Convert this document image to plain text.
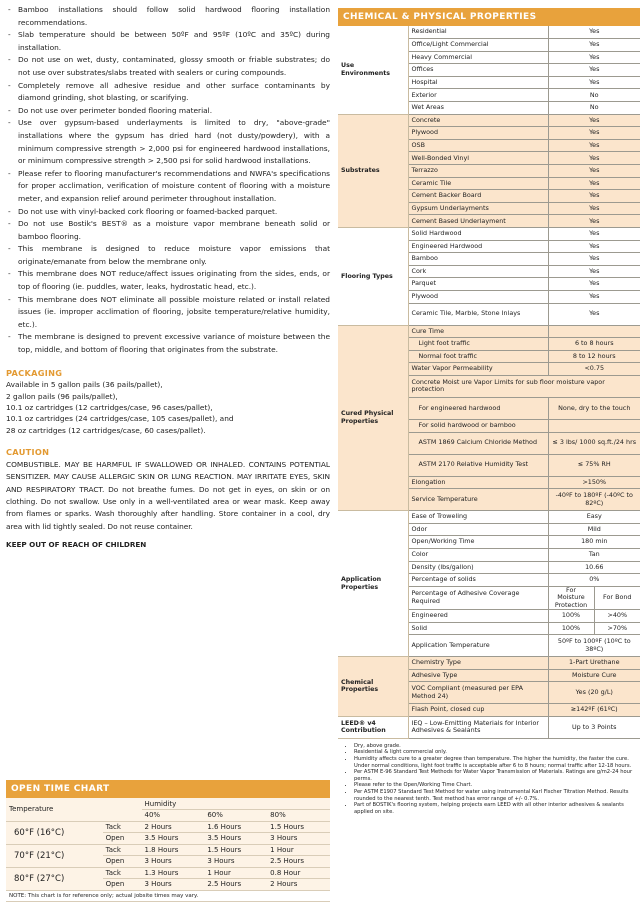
- Bamboo installations should follow solid hardwood flooring installation recommendations.
- Slab temperature should be between 50ºF and 95ºF (10ºC and 35ºC) during installation.
- Do not use on wet, dusty, contaminated, glossy smooth or friable substrates; do not use over substrates/slabs treated with sealers or curing compounds.
- Completely remove all adhesive residue and other surface contaminants by diamond grinding, shot blasting, or scarifying.
- Do not use over perimeter bonded flooring material.
- Use over gypsum-based underlayments is limited to dry, "above-grade" installations where the gypsum has dried hard (not dusty/powdery), with a minimum compressive strength > 2,000 psi for engineered hardwood installations, or minimum compressive strength > 2,500 psi for solid hardwood installations.
- Please refer to flooring manufacturer's recommendations and NWFA's specifications for proper acclimation, verification of moisture content of flooring with a moisture meter, and expansion relief around perimeter throughout installation.
- Do not use with vinyl-backed cork flooring or foamed-backed parquet.
- Do not use Bostik's BEST® as a moisture vapor membrane beneath solid or bamboo flooring.
- This membrane is designed to reduce moisture vapor emissions that originate/emanate from below the membrane only.
- This membrane does NOT reduce/affect issues originating from the sides, ends, or top of flooring (ie. puddles, water, leaks, hydrostatic head, etc.).
- This membrane does NOT eliminate all possible moisture related or install related issues (ie. improper acclimation of flooring, jobsite temperature/relative humidity, etc.).
- The membrane is designed to prevent excessive variance of moisture between the top, middle, and bottom of flooring that originates from the substrate.
PACKAGING
Available in 5 gallon pails (36 pails/pallet),
2 gallon pails (96 pails/pallet),
10.1 oz cartridges (12 cartridges/case, 96 cases/pallet),
10.1 oz cartridges (24 cartridges/case, 105 cases/pallet), and
28 oz cartridges (12 cartridges/case, 60 cases/pallet).
CAUTION
COMBUSTIBLE. MAY BE HARMFUL IF SWALLOWED OR INHALED. CONTAINS POTENTIAL SENSITIZER. MAY CAUSE ALLERGIC SKIN OR LUNG REACTION. MAY IRRITATE EYES, SKIN AND RESPIRATORY TRACT. Do not breathe fumes. Do not get in eyes, on skin or on clothing. Do not swallow. Use only in a well-ventilated area or wear mask. Keep away from flames or sparks. Wash thoroughly after handling. Store container in a cool, dry area with lid tightly sealed. Do not reuse container.
KEEP OUT OF REACH OF CHILDREN
OPEN TIME CHART
Temperature		Humidity		
		40%	60%	80%
60°F (16°C)	Tack	2 Hours	1.6 Hours	1.5 Hours
	Open	3.5 Hours	3.5 Hours	3 Hours
70°F (21°C)	Tack	1.8 Hours	1.5 Hours	1 Hour
	Open	3 Hours	3 Hours	2.5 Hours
80°F (27°C)	Tack	1.3 Hours	1 Hour	0.8 Hour
	Open	3 Hours	2.5 Hours	2 Hours
NOTE: This chart is for reference only; actual jobsite times may vary.				
CHEMICAL & PHYSICAL PROPERTIES
Use Environments	Residential	Yes	
	Office/Light Commercial	Yes	
	Heavy Commercial	Yes	
	Offices	Yes	
	Hospital	Yes	
	Exterior	No	
	Wet Areas	No	
Substrates	Concrete	Yes	
	Plywood	Yes	
	OSB	Yes	
	Well-Bonded Vinyl	Yes	
	Terrazzo	Yes	
	Ceramic Tile	Yes	
	Cement Backer Board	Yes	
	Gypsum Underlayments	Yes	
	Cement Based Underlayment	Yes	
Flooring Types	Solid Hardwood	Yes	
	Engineered Hardwood	Yes	
	Bamboo	Yes	
	Cork	Yes	
	Parquet	Yes	
	Plywood	Yes	
	Ceramic Tile, Marble, Stone Inlays	Yes	
Cured Physical Properties	Cure Time		
	Light foot traffic	6 to 8 hours	
	Normal foot traffic	8 to 12 hours	
	Water Vapor Permeability	<0.75	
	Concrete Moist ure Vapor Limits for sub floor moisture vapor protection		
	For engineered hardwood	None, dry to the touch	
	For solid hardwood or bamboo		
	ASTM 1869 Calcium Chloride Method	≤ 3 lbs/ 1000 sq.ft./24 hrs	
	ASTM 2170 Relative Humidity Test	≤ 75% RH	
	Elongation	>150%	
	Service Temperature	-40ºF to 180ºF (-40ºC to 82ºC)	
Application Properties	Ease of Troweling	Easy	
	Odor	Mild	
	Open/Working Time	180 min	
	Color	Tan	
	Density (lbs/gallon)	10.66	
	Percentage of solids	0%	
	Percentage of Adhesive Coverage Required	For Moisture Protection	For Bond
	Engineered	100%	>40%
	Solid	100%	>70%
	Application Temperature	50ºF to 100ºF (10ºC to 38ºC)	
Chemical Properties	Chemistry Type	1-Part Urethane	
	Adhesive Type	Moisture Cure	
	VOC Compliant (measured per EPA Method 24)	Yes (20 g/L)	
	Flash Point, closed cup	≥142ºF (61ºC)	
LEED® v4 Contribution	IEQ – Low-Emitting Materials for Interior Adhesives & Sealants	Up to 3 Points	
• Dry, above grade.
• Residential & light commercial only.
• Humidity affects cure to a greater degree than temperature. The higher the humidity, the faster the cure. Under normal conditions, light foot traffic is acceptable after 6 to 8 hours; normal traffic after 12-18 hours.
• Per ASTM E-96 Standard Test Methods for Water Vapor Transmission of Materials. Ratings are g/m2-24 hour perms.
• Please refer to the Open/Working Time Chart.
• Per ASTM E1907 Standard Test Method for water using instrumental Karl Fischer Titration Method. Results rounded to the nearest tenth. Test method has error range of +/- 0.7%.
• Part of BOSTIK's flooring system, helping projects earn LEED with all other interior adhesives & sealants applied on site.
